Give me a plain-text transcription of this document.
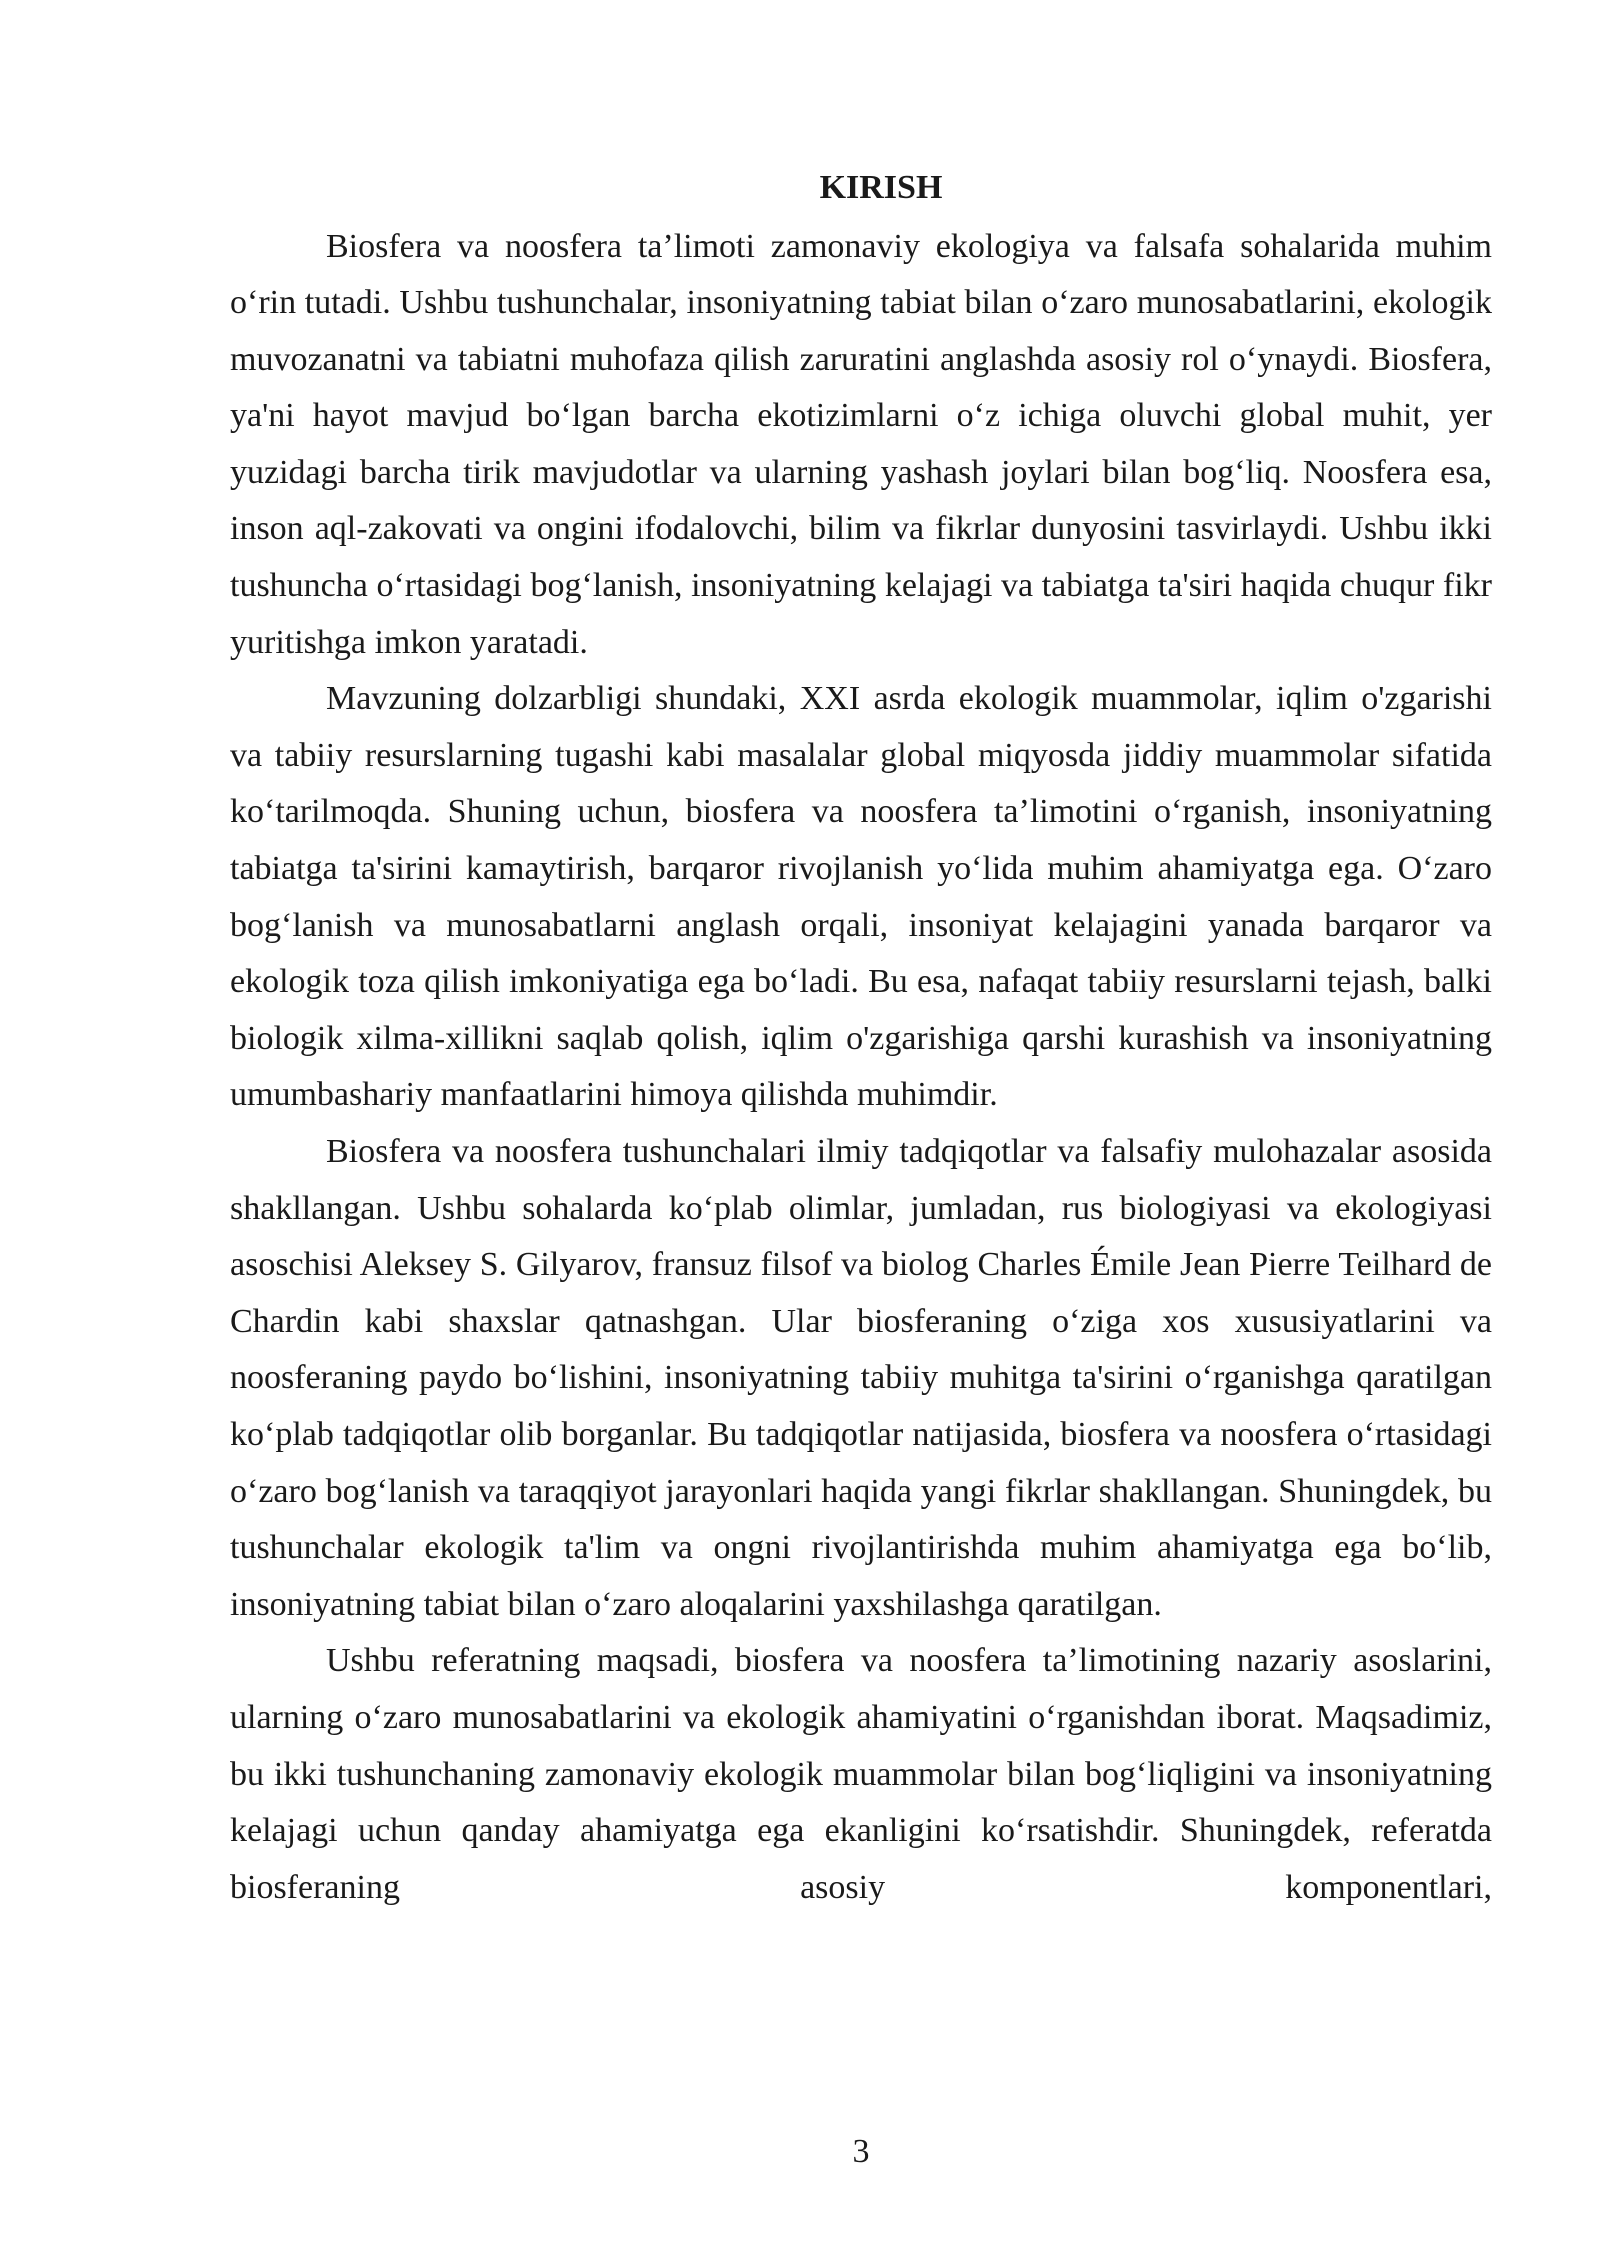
KIRISH

Biosfera va noosfera ta’limoti zamonaviy ekologiya va falsafa sohalarida muhim o‘rin tutadi. Ushbu tushunchalar, insoniyatning tabiat bilan o‘zaro munosabatlarini, ekologik muvozanatni va tabiatni muhofaza qilish zaruratini anglashda asosiy rol o‘ynaydi. Biosfera, ya'ni hayot mavjud bo‘lgan barcha ekotizimlarni o‘z ichiga oluvchi global muhit, yer yuzidagi barcha tirik mavjudotlar va ularning yashash joylari bilan bog‘liq. Noosfera esa, inson aql-zakovati va ongini ifodalovchi, bilim va fikrlar dunyosini tasvirlaydi. Ushbu ikki tushuncha o‘rtasidagi bog‘lanish, insoniyatning kelajagi va tabiatga ta'siri haqida chuqur fikr yuritishga imkon yaratadi.

Mavzuning dolzarbligi shundaki, XXI asrda ekologik muammolar, iqlim o'zgarishi va tabiiy resurslarning tugashi kabi masalalar global miqyosda jiddiy muammolar sifatida ko‘tarilmoqda. Shuning uchun, biosfera va noosfera ta’limotini o‘rganish, insoniyatning tabiatga ta'sirini kamaytirish, barqaror rivojlanish yo‘lida muhim ahamiyatga ega. O‘zaro bog‘lanish va munosabatlarni anglash orqali, insoniyat kelajagini yanada barqaror va ekologik toza qilish imkoniyatiga ega bo‘ladi. Bu esa, nafaqat tabiiy resurslarni tejash, balki biologik xilma-xillikni saqlab qolish, iqlim o'zgarishiga qarshi kurashish va insoniyatning umumbashariy manfaatlarini himoya qilishda muhimdir.

Biosfera va noosfera tushunchalari ilmiy tadqiqotlar va falsafiy mulohazalar asosida shakllangan. Ushbu sohalarda ko‘plab olimlar, jumladan, rus biologiyasi va ekologiyasi asoschisi Aleksey S. Gilyarov, fransuz filsof va biolog Charles Émile Jean Pierre Teilhard de Chardin kabi shaxslar qatnashgan. Ular biosferaning o‘ziga xos xususiyatlarini va noosferaning paydo bo‘lishini, insoniyatning tabiiy muhitga ta'sirini o‘rganishga qaratilgan ko‘plab tadqiqotlar olib borganlar. Bu tadqiqotlar natijasida, biosfera va noosfera o‘rtasidagi o‘zaro bog‘lanish va taraqqiyot jarayonlari haqida yangi fikrlar shakllangan. Shuningdek, bu tushunchalar ekologik ta'lim va ongni rivojlantirishda muhim ahamiyatga ega bo‘lib, insoniyatning tabiat bilan o‘zaro aloqalarini yaxshilashga qaratilgan.

Ushbu referatning maqsadi, biosfera va noosfera ta’limotining nazariy asoslarini, ularning o‘zaro munosabatlarini va ekologik ahamiyatini o‘rganishdan iborat. Maqsadimiz, bu ikki tushunchaning zamonaviy ekologik muammolar bilan bog‘liqligini va insoniyatning kelajagi uchun qanday ahamiyatga ega ekanligini ko‘rsatishdir. Shuningdek, referatda biosferaning asosiy komponentlari,

3
